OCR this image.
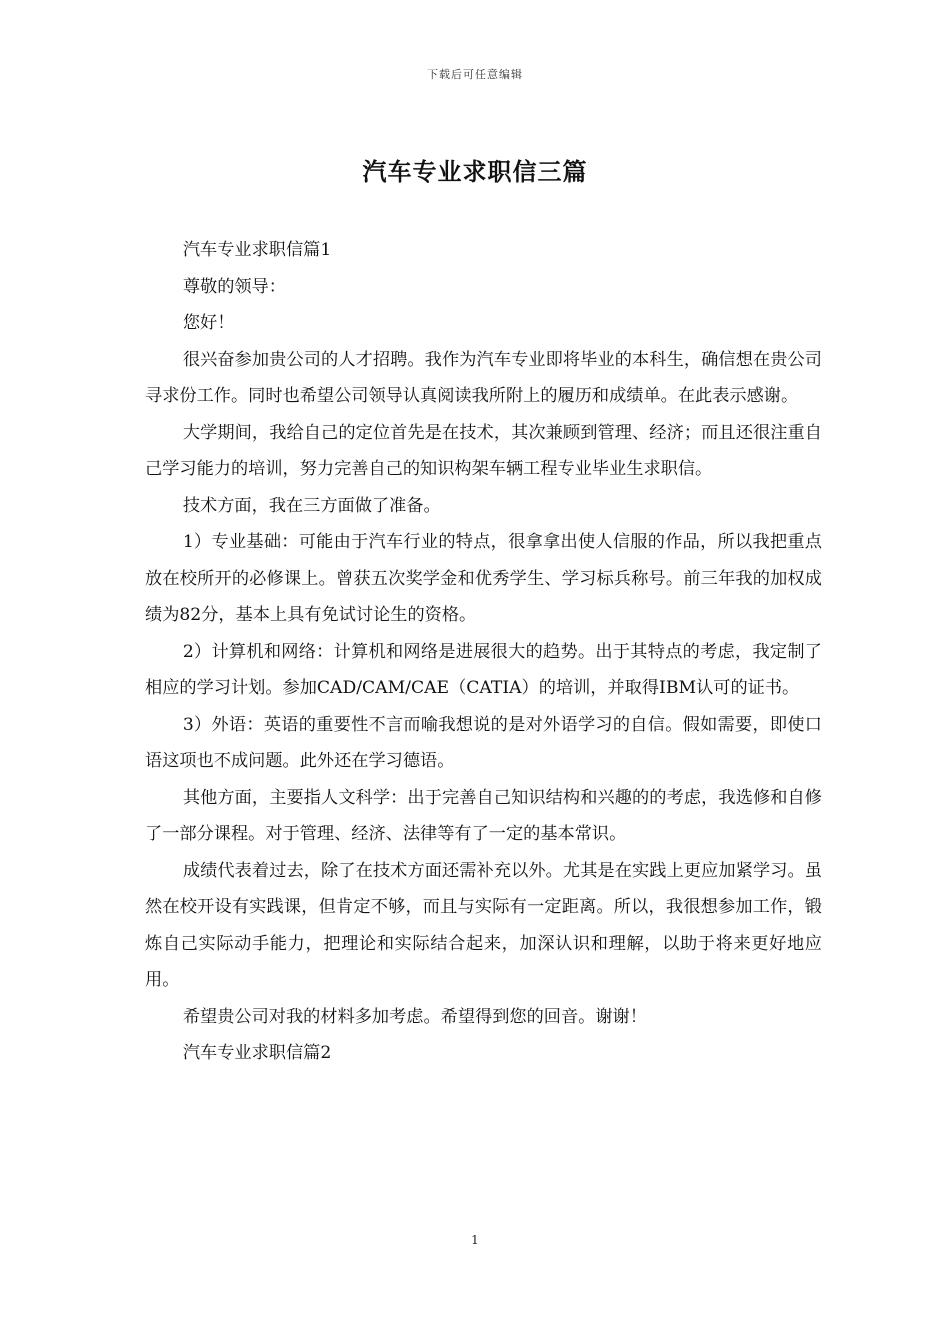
下载后可任意编辑
汽车专业求职信三篇

汽车专业求职信篇1

尊敬的领导：

您好！

很兴奋参加贵公司的人才招聘。我作为汽车专业即将毕业的本科生，确信想在贵公司寻求份工作。同时也希望公司领导认真阅读我所附上的履历和成绩单。在此表示感谢。

大学期间，我给自己的定位首先是在技术，其次兼顾到管理、经济；而且还很注重自己学习能力的培训，努力完善自己的知识构架车辆工程专业毕业生求职信。

技术方面，我在三方面做了准备。

1）专业基础：可能由于汽车行业的特点，很拿拿出使人信服的作品，所以我把重点放在校所开的必修课上。曾获五次奖学金和优秀学生、学习标兵称号。前三年我的加权成绩为82分，基本上具有免试讨论生的资格。

2）计算机和网络：计算机和网络是进展很大的趋势。出于其特点的考虑，我定制了相应的学习计划。参加CAD/CAM/CAE（CATIA）的培训，并取得IBM认可的证书。

3）外语：英语的重要性不言而喻我想说的是对外语学习的自信。假如需要，即使口语这项也不成问题。此外还在学习德语。

其他方面，主要指人文科学：出于完善自己知识结构和兴趣的的考虑，我选修和自修了一部分课程。对于管理、经济、法律等有了一定的基本常识。

成绩代表着过去，除了在技术方面还需补充以外。尤其是在实践上更应加紧学习。虽然在校开设有实践课，但肯定不够，而且与实际有一定距离。所以，我很想参加工作，锻炼自己实际动手能力，把理论和实际结合起来，加深认识和理解，以助于将来更好地应用。

希望贵公司对我的材料多加考虑。希望得到您的回音。谢谢！

汽车专业求职信篇2

1
